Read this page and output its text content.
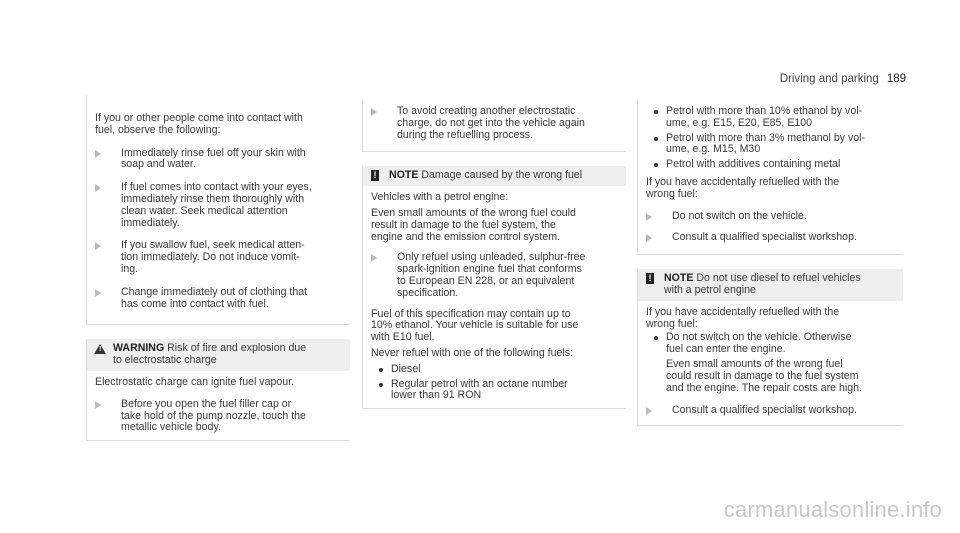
Driving and parking 189
If you or other people come into contact with
fuel, observe the following:
Immediately rinse fuel off your skin with
soap and water.
If fuel comes into contact with your eyes,
immediately rinse them thoroughly with
clean water. Seek medical attention
immediately.
If you swallow fuel, seek medical atten-
tion immediately. Do not induce vomit-
ing.
Change immediately out of clothing that
has come into contact with fuel.
! WARNING Risk of fire and explosion due
to electrostatic charge
Electrostatic charge can ignite fuel vapour.
Before you open the fuel filler cap or
take hold of the pump nozzle, touch the
metallic vehicle body.
To avoid creating another electrostatic
charge, do not get into the vehicle again
during the refuelling process.
! NOTE Damage caused by the wrong fuel
Vehicles with a petrol engine:
Even small amounts of the wrong fuel could
result in damage to the fuel system, the
engine and the emission control system.
Only refuel using unleaded, sulphur-free
spark-ignition engine fuel that conforms
to European EN 228, or an equivalent
specification.
Fuel of this specification may contain up to
10% ethanol. Your vehicle is suitable for use
with E10 fuel.
Never refuel with one of the following fuels:
Diesel
Regular petrol with an octane number
lower than 91 RON
Petrol with more than 10% ethanol by vol-
ume, e.g. E15, E20, E85, E100
Petrol with more than 3% methanol by vol-
ume, e.g. M15, M30
Petrol with additives containing metal
If you have accidentally refuelled with the
wrong fuel:
Do not switch on the vehicle.
Consult a qualified specialist workshop.
! NOTE Do not use diesel to refuel vehicles
with a petrol engine
If you have accidentally refuelled with the
wrong fuel:
Do not switch on the vehicle. Otherwise
fuel can enter the engine.
Even small amounts of the wrong fuel
could result in damage to the fuel system
and the engine. The repair costs are high.
Consult a qualified specialist workshop.
carmanualsonline.info
